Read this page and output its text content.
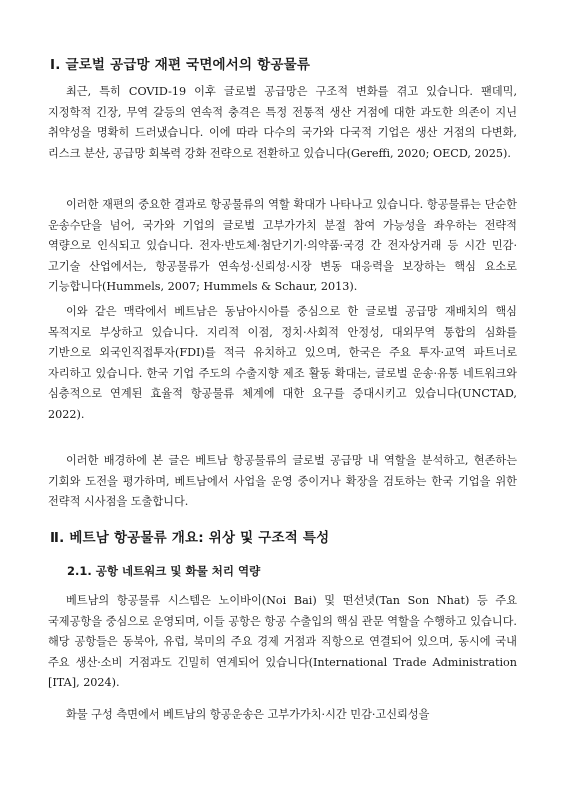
Ⅰ. 글로벌 공급망 재편 국면에서의 항공물류

최근, 특히 COVID-19 이후 글로벌 공급망은 구조적 변화를 겪고 있습니다. 팬데믹, 지정학적 긴장, 무역 갈등의 연속적 충격은 특정 전통적 생산 거점에 대한 과도한 의존이 지닌 취약성을 명확히 드러냈습니다. 이에 따라 다수의 국가와 다국적 기업은 생산 거점의 다변화, 리스크 분산, 공급망 회복력 강화 전략으로 전환하고 있습니다(Gereffi, 2020; OECD, 2025).

이러한 재편의 중요한 결과로 항공물류의 역할 확대가 나타나고 있습니다. 항공물류는 단순한 운송수단을 넘어, 국가와 기업의 글로벌 고부가가치 분절 참여 가능성을 좌우하는 전략적 역량으로 인식되고 있습니다. 전자·반도체·첨단기기·의약품·국경 간 전자상거래 등 시간 민감·고기술 산업에서는, 항공물류가 연속성·신뢰성·시장 변동 대응력을 보장하는 핵심 요소로 기능합니다(Hummels, 2007; Hummels & Schaur, 2013).

이와 같은 맥락에서 베트남은 동남아시아를 중심으로 한 글로벌 공급망 재배치의 핵심 목적지로 부상하고 있습니다. 지리적 이점, 정치·사회적 안정성, 대외무역 통합의 심화를 기반으로 외국인직접투자(FDI)를 적극 유치하고 있으며, 한국은 주요 투자·교역 파트너로 자리하고 있습니다. 한국 기업 주도의 수출지향 제조 활동 확대는, 글로벌 운송·유통 네트워크와 심층적으로 연계된 효율적 항공물류 체계에 대한 요구를 증대시키고 있습니다(UNCTAD, 2022).

이러한 배경하에 본 글은 베트남 항공물류의 글로벌 공급망 내 역할을 분석하고, 현존하는 기회와 도전을 평가하며, 베트남에서 사업을 운영 중이거나 확장을 검토하는 한국 기업을 위한 전략적 시사점을 도출합니다.

Ⅱ. 베트남 항공물류 개요: 위상 및 구조적 특성
2.1. 공항 네트워크 및 화물 처리 역량

베트남의 항공물류 시스템은 노이바이(Noi Bai) 및 떤선녓(Tan Son Nhat) 등 주요 국제공항을 중심으로 운영되며, 이들 공항은 항공 수출입의 핵심 관문 역할을 수행하고 있습니다. 해당 공항들은 동북아, 유럽, 북미의 주요 경제 거점과 직항으로 연결되어 있으며, 동시에 국내 주요 생산·소비 거점과도 긴밀히 연계되어 있습니다(International Trade Administration [ITA], 2024).

화물 구성 측면에서 베트남의 항공운송은 고부가가치·시간 민감·고신뢰성을
